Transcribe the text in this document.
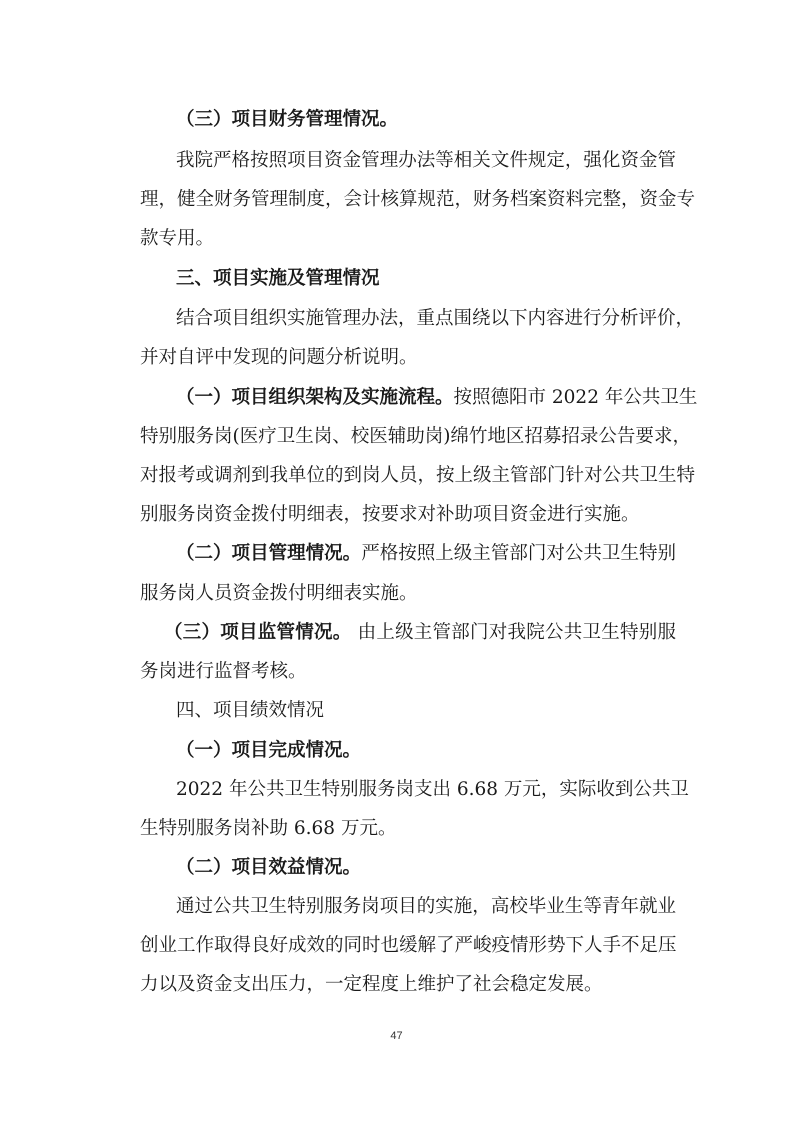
（三）项目财务管理情况。
我院严格按照项目资金管理办法等相关文件规定，强化资金管
理，健全财务管理制度，会计核算规范，财务档案资料完整，资金专
款专用。
三、项目实施及管理情况
结合项目组织实施管理办法，重点围绕以下内容进行分析评价，
并对自评中发现的问题分析说明。
（一）项目组织架构及实施流程。按照德阳市 2022 年公共卫生
特别服务岗(医疗卫生岗、校医辅助岗)绵竹地区招募招录公告要求，
对报考或调剂到我单位的到岗人员，按上级主管部门针对公共卫生特
别服务岗资金拨付明细表，按要求对补助项目资金进行实施。
（二）项目管理情况。严格按照上级主管部门对公共卫生特别
服务岗人员资金拨付明细表实施。
（三）项目监管情况。 由上级主管部门对我院公共卫生特别服
务岗进行监督考核。
四、项目绩效情况
（一）项目完成情况。
2022 年公共卫生特别服务岗支出 6.68 万元，实际收到公共卫
生特别服务岗补助 6.68 万元。
（二）项目效益情况。
通过公共卫生特别服务岗项目的实施，高校毕业生等青年就业
创业工作取得良好成效的同时也缓解了严峻疫情形势下人手不足压
力以及资金支出压力，一定程度上维护了社会稳定发展。
47
